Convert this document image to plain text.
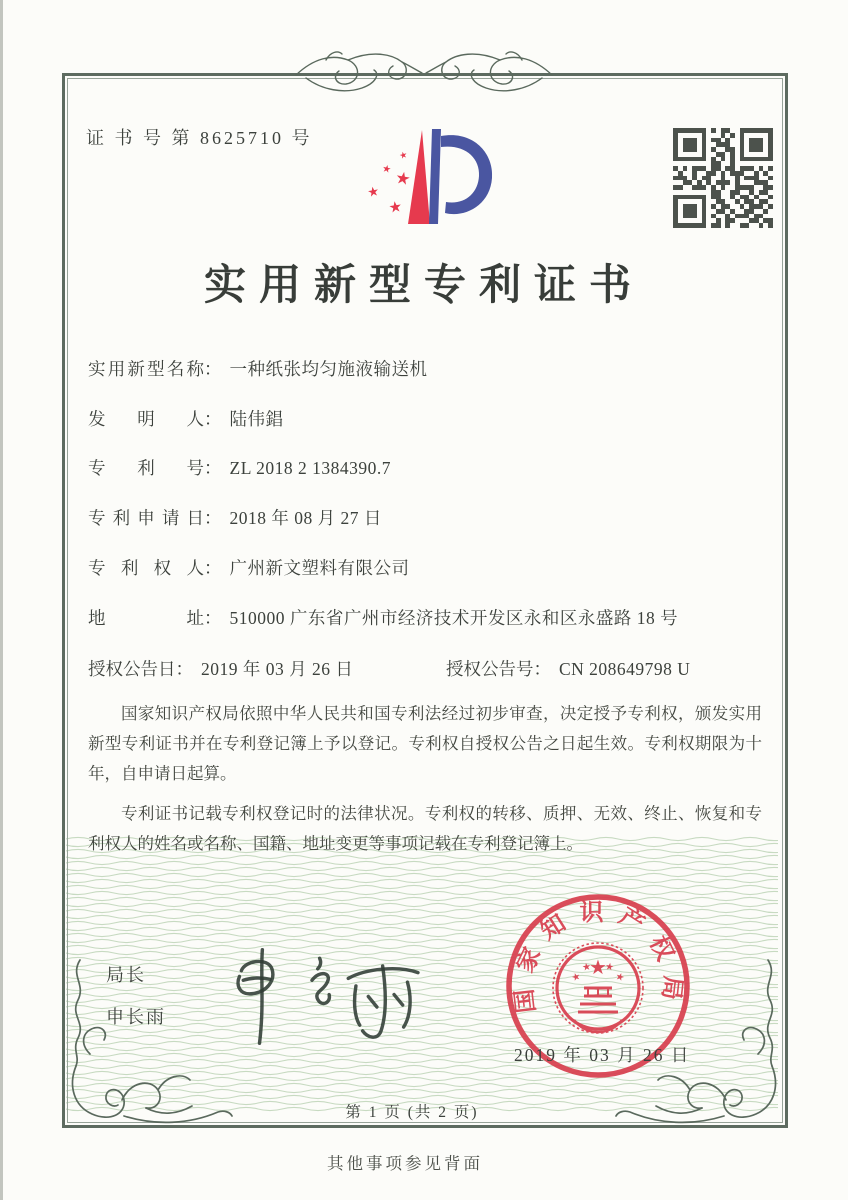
证 书 号 第 8625710 号
★
★
★
★
★
实用新型专利证书
实用新型名称： 一种纸张均匀施液输送机
发明人： 陆伟錩
专利号： ZL 2018 2 1384390.7
专利申请日： 2018 年 08 月 27 日
专利权人： 广州新文塑料有限公司
地址： 510000 广东省广州市经济技术开发区永和区永盛路 18 号
授权公告日： 2019 年 03 月 26 日	授权公告号： CN 208649798 U

国家知识产权局依照中华人民共和国专利法经过初步审查，决定授予专利权，颁发实用新型专利证书并在专利登记簿上予以登记。专利权自授权公告之日起生效。专利权期限为十年，自申请日起算。

专利证书记载专利权登记时的法律状况。专利权的转移、质押、无效、终止、恢复和专利权人的姓名或名称、国籍、地址变更等事项记载在专利登记簿上。

局长
申长雨
国家知识产权局
★
★
★ ★
★
2019 年 03 月 26 日
第 1 页 (共 2 页)
其他事项参见背面
